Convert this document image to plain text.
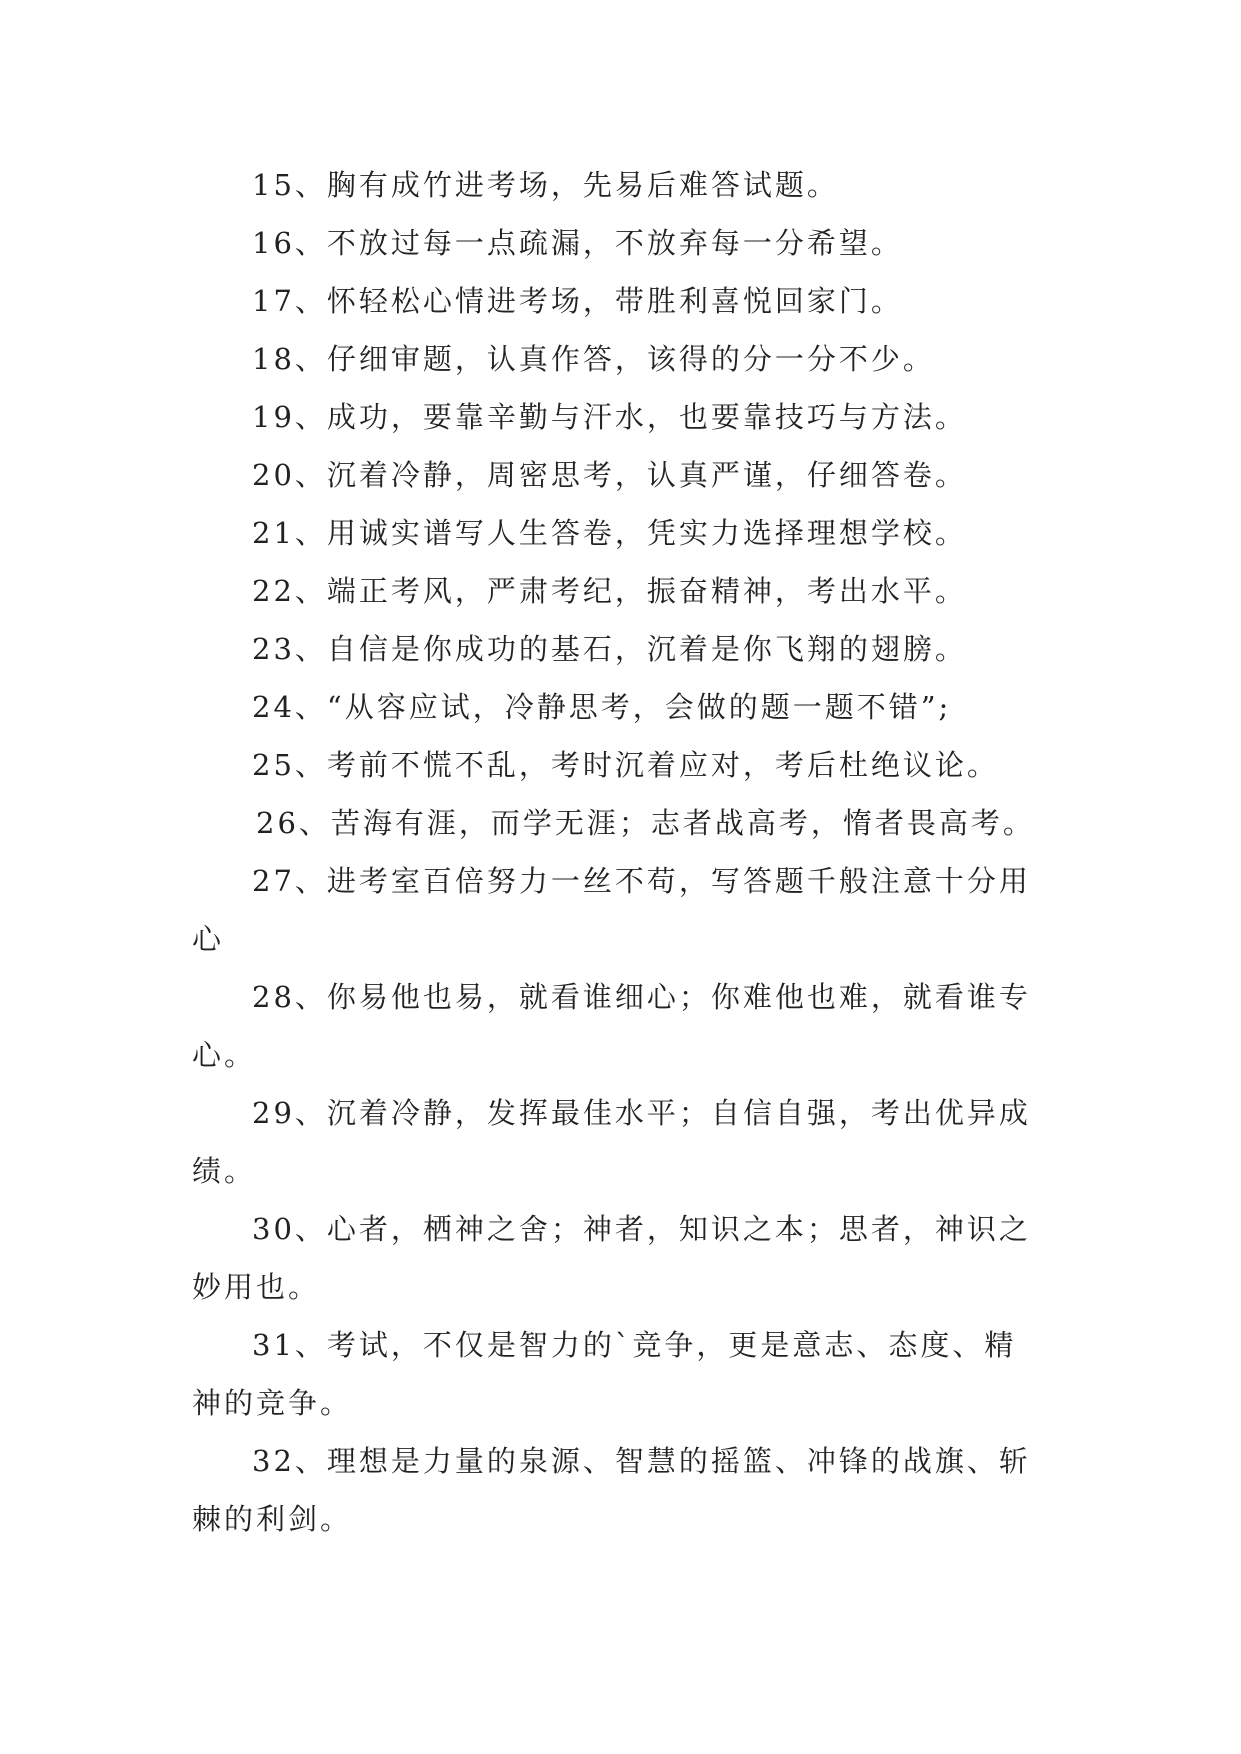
15、胸有成竹进考场，先易后难答试题。
16、不放过每一点疏漏，不放弃每一分希望。
17、怀轻松心情进考场，带胜利喜悦回家门。
18、仔细审题，认真作答，该得的分一分不少。
19、成功，要靠辛勤与汗水，也要靠技巧与方法。
20、沉着冷静，周密思考，认真严谨，仔细答卷。
21、用诚实谱写人生答卷，凭实力选择理想学校。
22、端正考风，严肃考纪，振奋精神，考出水平。
23、自信是你成功的基石，沉着是你飞翔的翅膀。
24、“从容应试，冷静思考，会做的题一题不错”;
25、考前不慌不乱，考时沉着应对，考后杜绝议论。
26、苦海有涯，而学无涯；志者战高考，惰者畏高考。
27、进考室百倍努力一丝不苟，写答题千般注意十分用
心
28、你易他也易，就看谁细心；你难他也难，就看谁专
心。
29、沉着冷静，发挥最佳水平；自信自强，考出优异成
绩。
30、心者，栖神之舍；神者，知识之本；思者，神识之
妙用也。
31、考试，不仅是智力的`竞争，更是意志、态度、精
神的竞争。
32、理想是力量的泉源、智慧的摇篮、冲锋的战旗、斩
棘的利剑。
